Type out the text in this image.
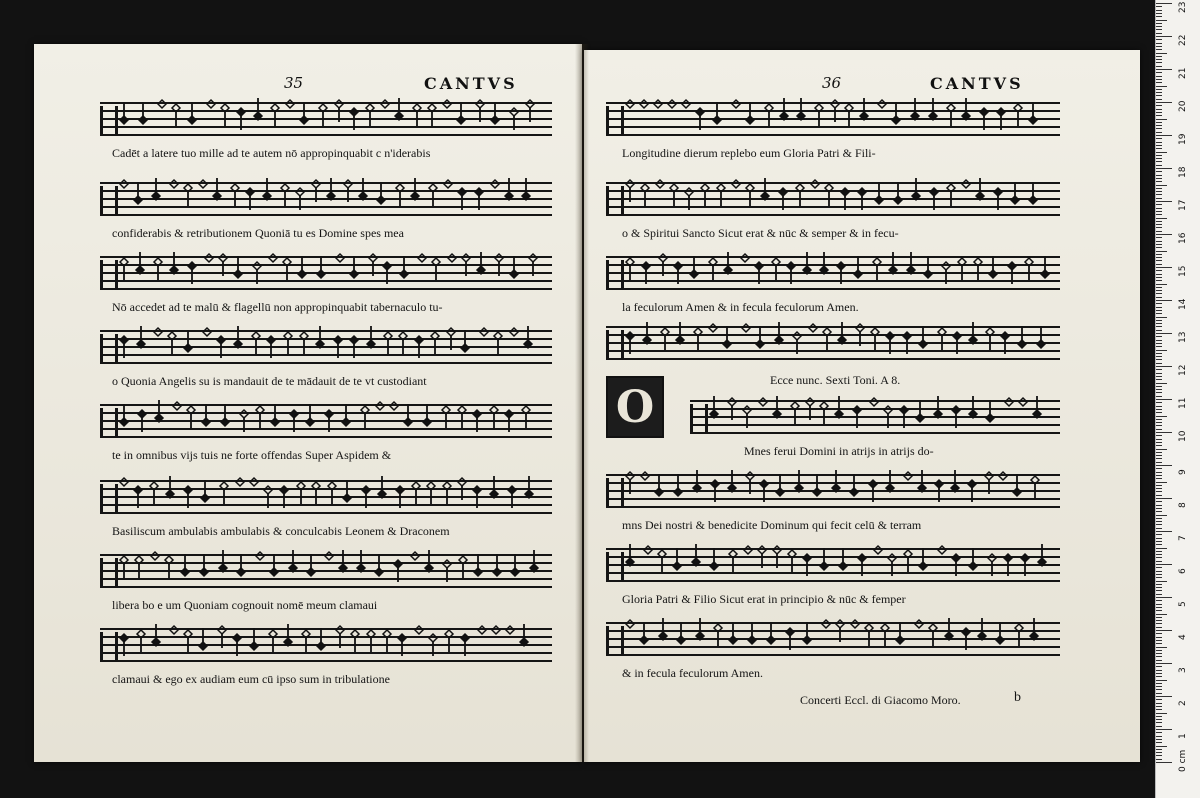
35	CANTVS	36	CANTVS
Cadēt a latere tuo mille ad te autem nō appropinquabit c n'iderabis
confiderabis & retributionem Quoniā tu es Domine spes mea
Nō accedet ad te malū & flagellū non appropinquabit tabernaculo tu-
o Quonia Angelis su is mandauit de te mādauit de te vt custodiant
te in omnibus vijs tuis ne forte offendas Super Aspidem &
Basiliscum ambulabis ambulabis & conculcabis Leonem & Draconem
libera bo e um Quoniam cognouit nomē meum clamaui
clamaui & ego ex audiam eum cū ipso sum in tribulatione
Longitudine dierum replebo eum Gloria Patri & Fili-
o & Spiritui Sancto Sicut erat & nūc & semper & in fecu-
la feculorum Amen & in fecula feculorum Amen.
Ecce nunc. Sexti Toni. A 8.
Mnes ferui Domini in atrijs in atrijs do-
mns Dei nostri & benedicite Dominum qui fecit celū & terram
Gloria Patri & Filio Sicut erat in principio & nūc & femper
& in fecula feculorum Amen.
O
Concerti Eccl. di Giacomo Moro.	b
23
22
21
20
19
18
17
16
15
14
13
12
11
10
9
8
7
6
5
4
3
2
1
0 cm
